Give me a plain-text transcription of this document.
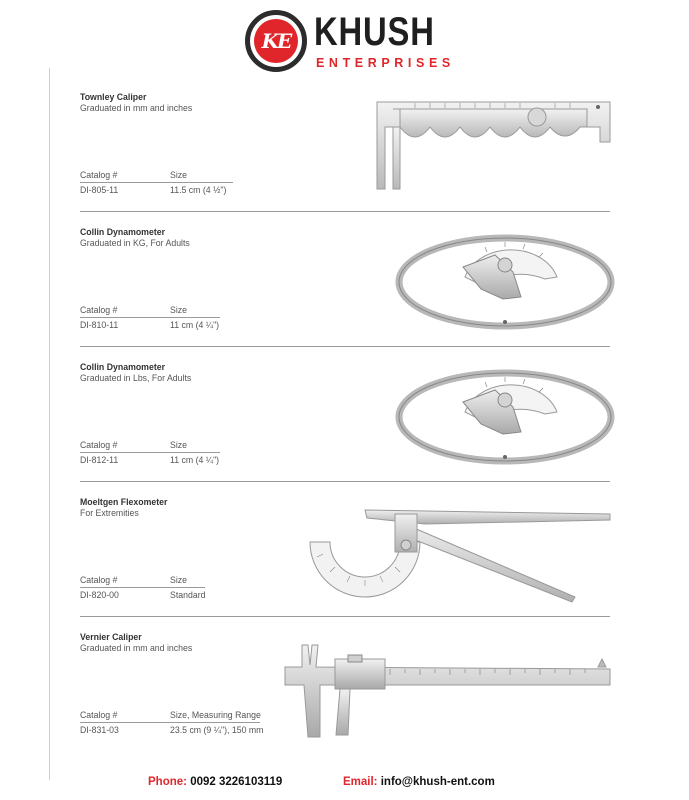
KE KHUSH
ENTERPRISES
Townley Caliper
Graduated in mm and inches
Catalog #	Size
DI-805-11	11.5 cm (4 ½")
Collin Dynamometer
Graduated in KG, For Adults
Catalog #	Size
DI-810-11	11 cm (4 ¼")
Collin Dynamometer
Graduated in Lbs, For Adults
Catalog #	Size
DI-812-11	11 cm (4 ¼")
Moeltgen Flexometer
For Extremities
Catalog #	Size
DI-820-00	Standard
Vernier Caliper
Graduated in mm and inches
Catalog #	Size, Measuring Range
DI-831-03	23.5 cm (9 ¼"), 150 mm
Phone: 0092 3226103119	Email: info@khush-ent.com
